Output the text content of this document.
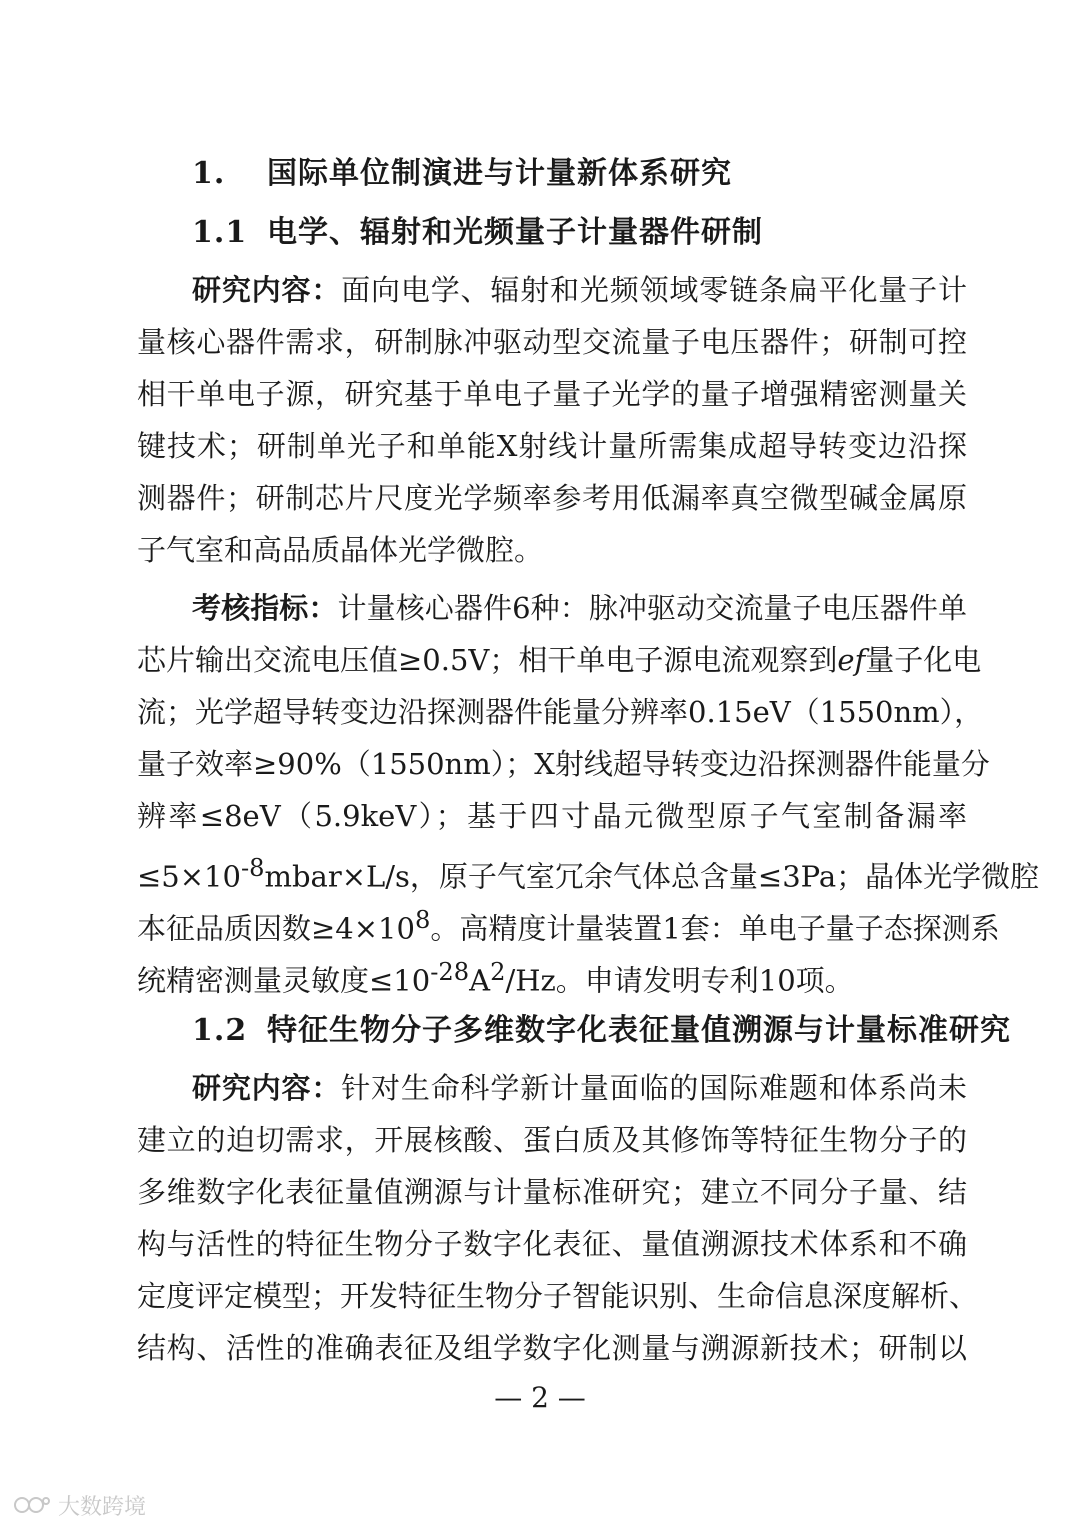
1. 国际单位制演进与计量新体系研究
1.1 电学、辐射和光频量子计量器件研制
研究内容：面向电学、辐射和光频领域零链条扁平化量子计
量核心器件需求，研制脉冲驱动型交流量子电压器件；研制可控
相干单电子源，研究基于单电子量子光学的量子增强精密测量关
键技术；研制单光子和单能X射线计量所需集成超导转变边沿探
测器件；研制芯片尺度光学频率参考用低漏率真空微型碱金属原
子气室和高品质晶体光学微腔。
考核指标：计量核心器件6种：脉冲驱动交流量子电压器件单
芯片输出交流电压值≥0.5V；相干单电子源电流观察到ef量子化电
流；光学超导转变边沿探测器件能量分辨率0.15eV（1550nm），
量子效率≥90%（1550nm）；X射线超导转变边沿探测器件能量分
辨率≤8eV（5.9keV）；基于四寸晶元微型原子气室制备漏率
$\le 5\times 10^{-8}mbar\times L/s$，原子气室冗余气体总含量≤3Pa；晶体光学微腔
本征品质因数$\ge 4\times 10^8$。高精度计量装置1套：单电子量子态探测系
统精密测量灵敏度$\le 10^{-28}A^2/Hz$。申请发明专利10项。
1.2 特征生物分子多维数字化表征量值溯源与计量标准研究
研究内容：针对生命科学新计量面临的国际难题和体系尚未
建立的迫切需求，开展核酸、蛋白质及其修饰等特征生物分子的
多维数字化表征量值溯源与计量标准研究；建立不同分子量、结
构与活性的特征生物分子数字化表征、量值溯源技术体系和不确
定度评定模型；开发特征生物分子智能识别、生命信息深度解析、
结构、活性的准确表征及组学数字化测量与溯源新技术；研制以
— 2 —
大数跨境
